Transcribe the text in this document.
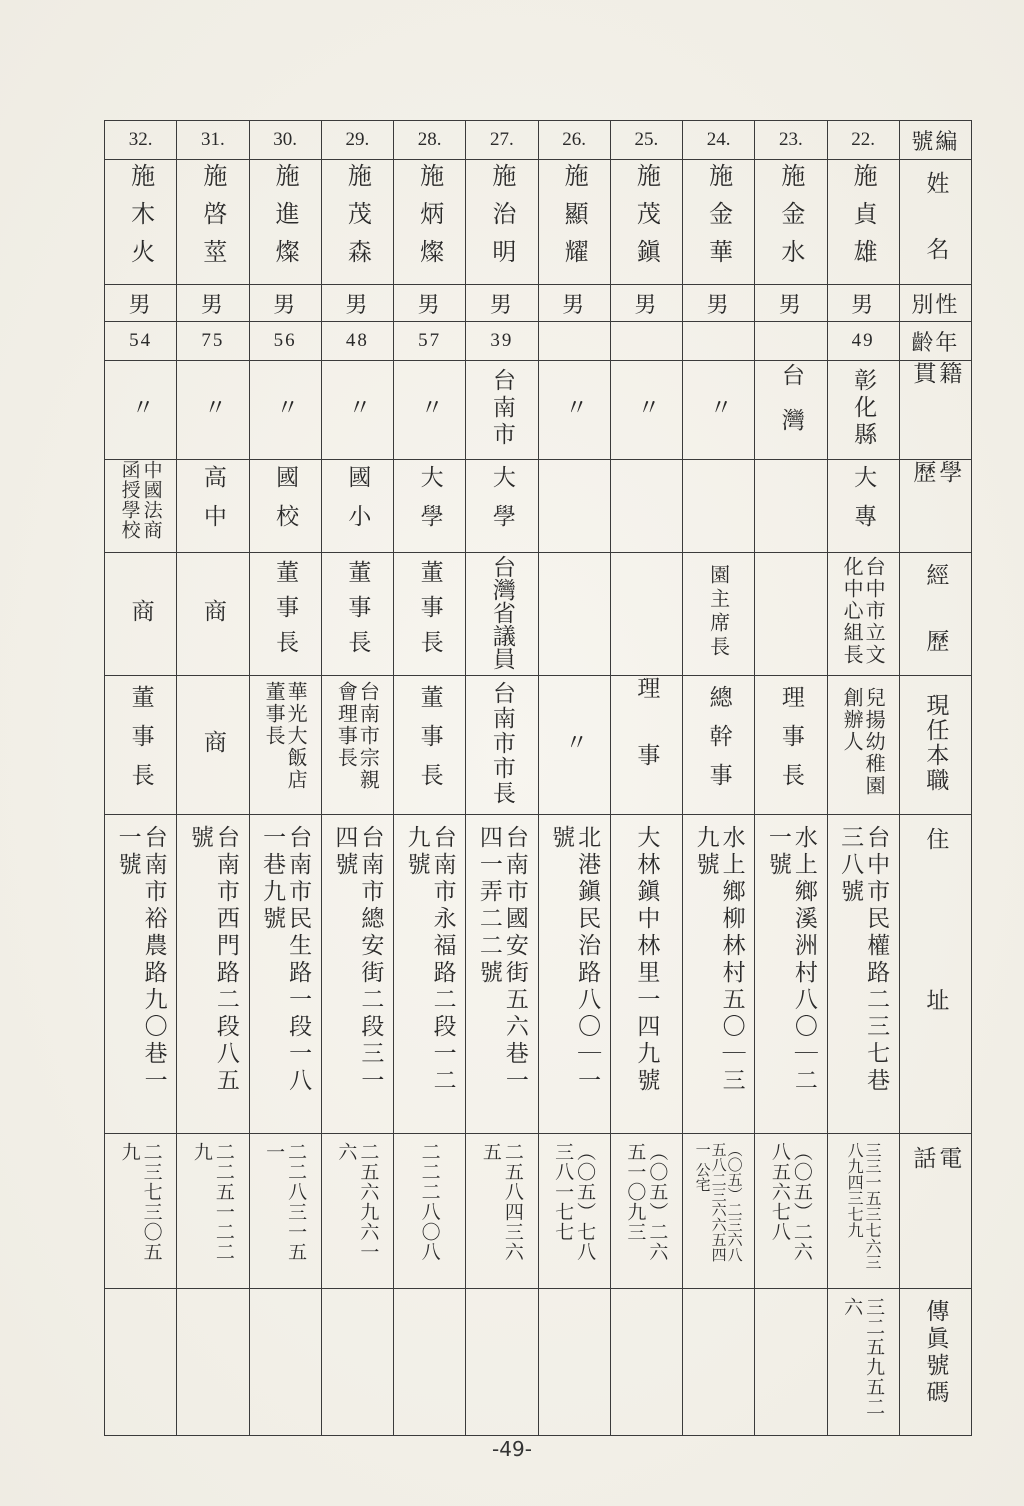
32.	31.	30.	29.	28.	27.	26.	25.	24.	23.	22.	號編
施木火	施啓莖	施進燦	施茂森	施炳燦	施治明	施顯耀	施茂鎭	施金華	施金水	施貞雄	姓　名
男	男	男	男	男	男	男	男	男	男	男	別性
54	75	56	48	57	39					49	齡年
〃	〃	〃	〃	〃	台南市	〃	〃	〃	台灣	彰化縣	籍　貫
中國法商函授學校	高中	國校	國小	大學	大學					大專	學　歷
商	商	董事長	董事長	董事長	台灣省議員			園主席長		台中市立文化中心組長	經　歷
董事長	商	華光大飯店董事長	台南市宗親會理事長	董事長	台南市市長	〃	理事	總幹事	理事長	兒揚幼稚園創辦人	現任本職
台南市裕農路九〇巷一一號	台南市西門路二段八五號	台南市民生路一段一八一巷九號	台南市總安街二段三一四號	台南市永福路二段一二九號	台南市國安街五六巷一四一弄二二號	北港鎭民治路八〇｜一號	大林鎭中林里一四九號	水上鄉柳林村五〇｜三九號	水上鄉溪洲村八〇｜二一號	台中市民權路二三七巷三八號	住　　　　　　址
二三七三〇五九	二二五一二二九	二二八三一五一	二五六九六一六	二二二八〇八	二五八四三六五	（〇五）七八三八一七七	（〇五）二六五一〇九三	（〇五）二三六八五八二三六六五四一 公宅	（〇五）二六八五六七八	三三一五三七六三八九四三七九	電　話
										三二五九五二六	傳眞號碼
-49-
